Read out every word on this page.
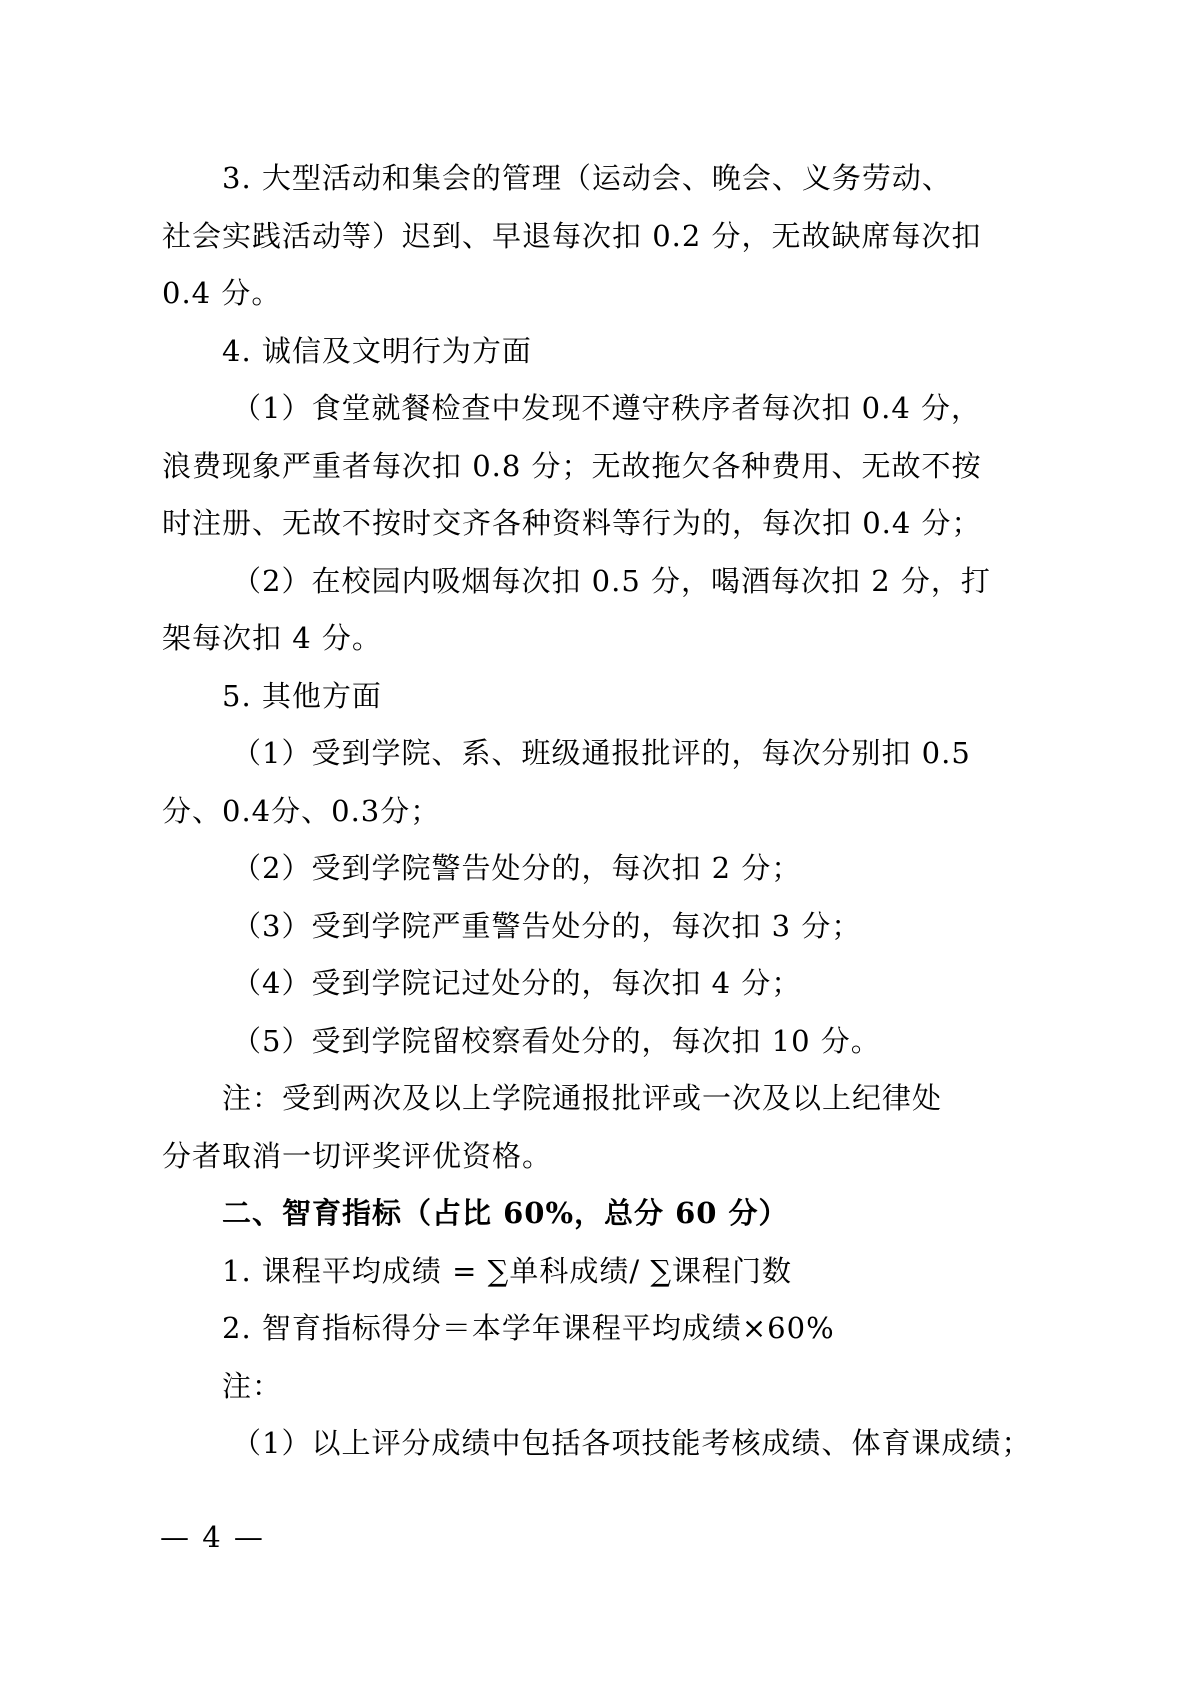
3. 大型活动和集会的管理（运动会、晚会、义务劳动、

社会实践活动等）迟到、早退每次扣 0.2 分，无故缺席每次扣

0.4 分。

4. 诚信及文明行为方面

（1）食堂就餐检查中发现不遵守秩序者每次扣 0.4 分，

浪费现象严重者每次扣 0.8 分；无故拖欠各种费用、无故不按

时注册、无故不按时交齐各种资料等行为的，每次扣 0.4 分；

（2）在校园内吸烟每次扣 0.5 分，喝酒每次扣 2 分，打

架每次扣 4 分。

5. 其他方面

（1）受到学院、系、班级通报批评的，每次分别扣 0.5

分、0.4分、0.3分；

（2）受到学院警告处分的，每次扣 2 分；

（3）受到学院严重警告处分的，每次扣 3 分；

（4）受到学院记过处分的，每次扣 4 分；

（5）受到学院留校察看处分的，每次扣 10 分。

注：受到两次及以上学院通报批评或一次及以上纪律处

分者取消一切评奖评优资格。

二、智育指标（占比 60%，总分 60 分）

1. 课程平均成绩 = ∑单科成绩/ ∑课程门数

2. 智育指标得分＝本学年课程平均成绩×60%

注：

（1）以上评分成绩中包括各项技能考核成绩、体育课成绩；

— 4 —
